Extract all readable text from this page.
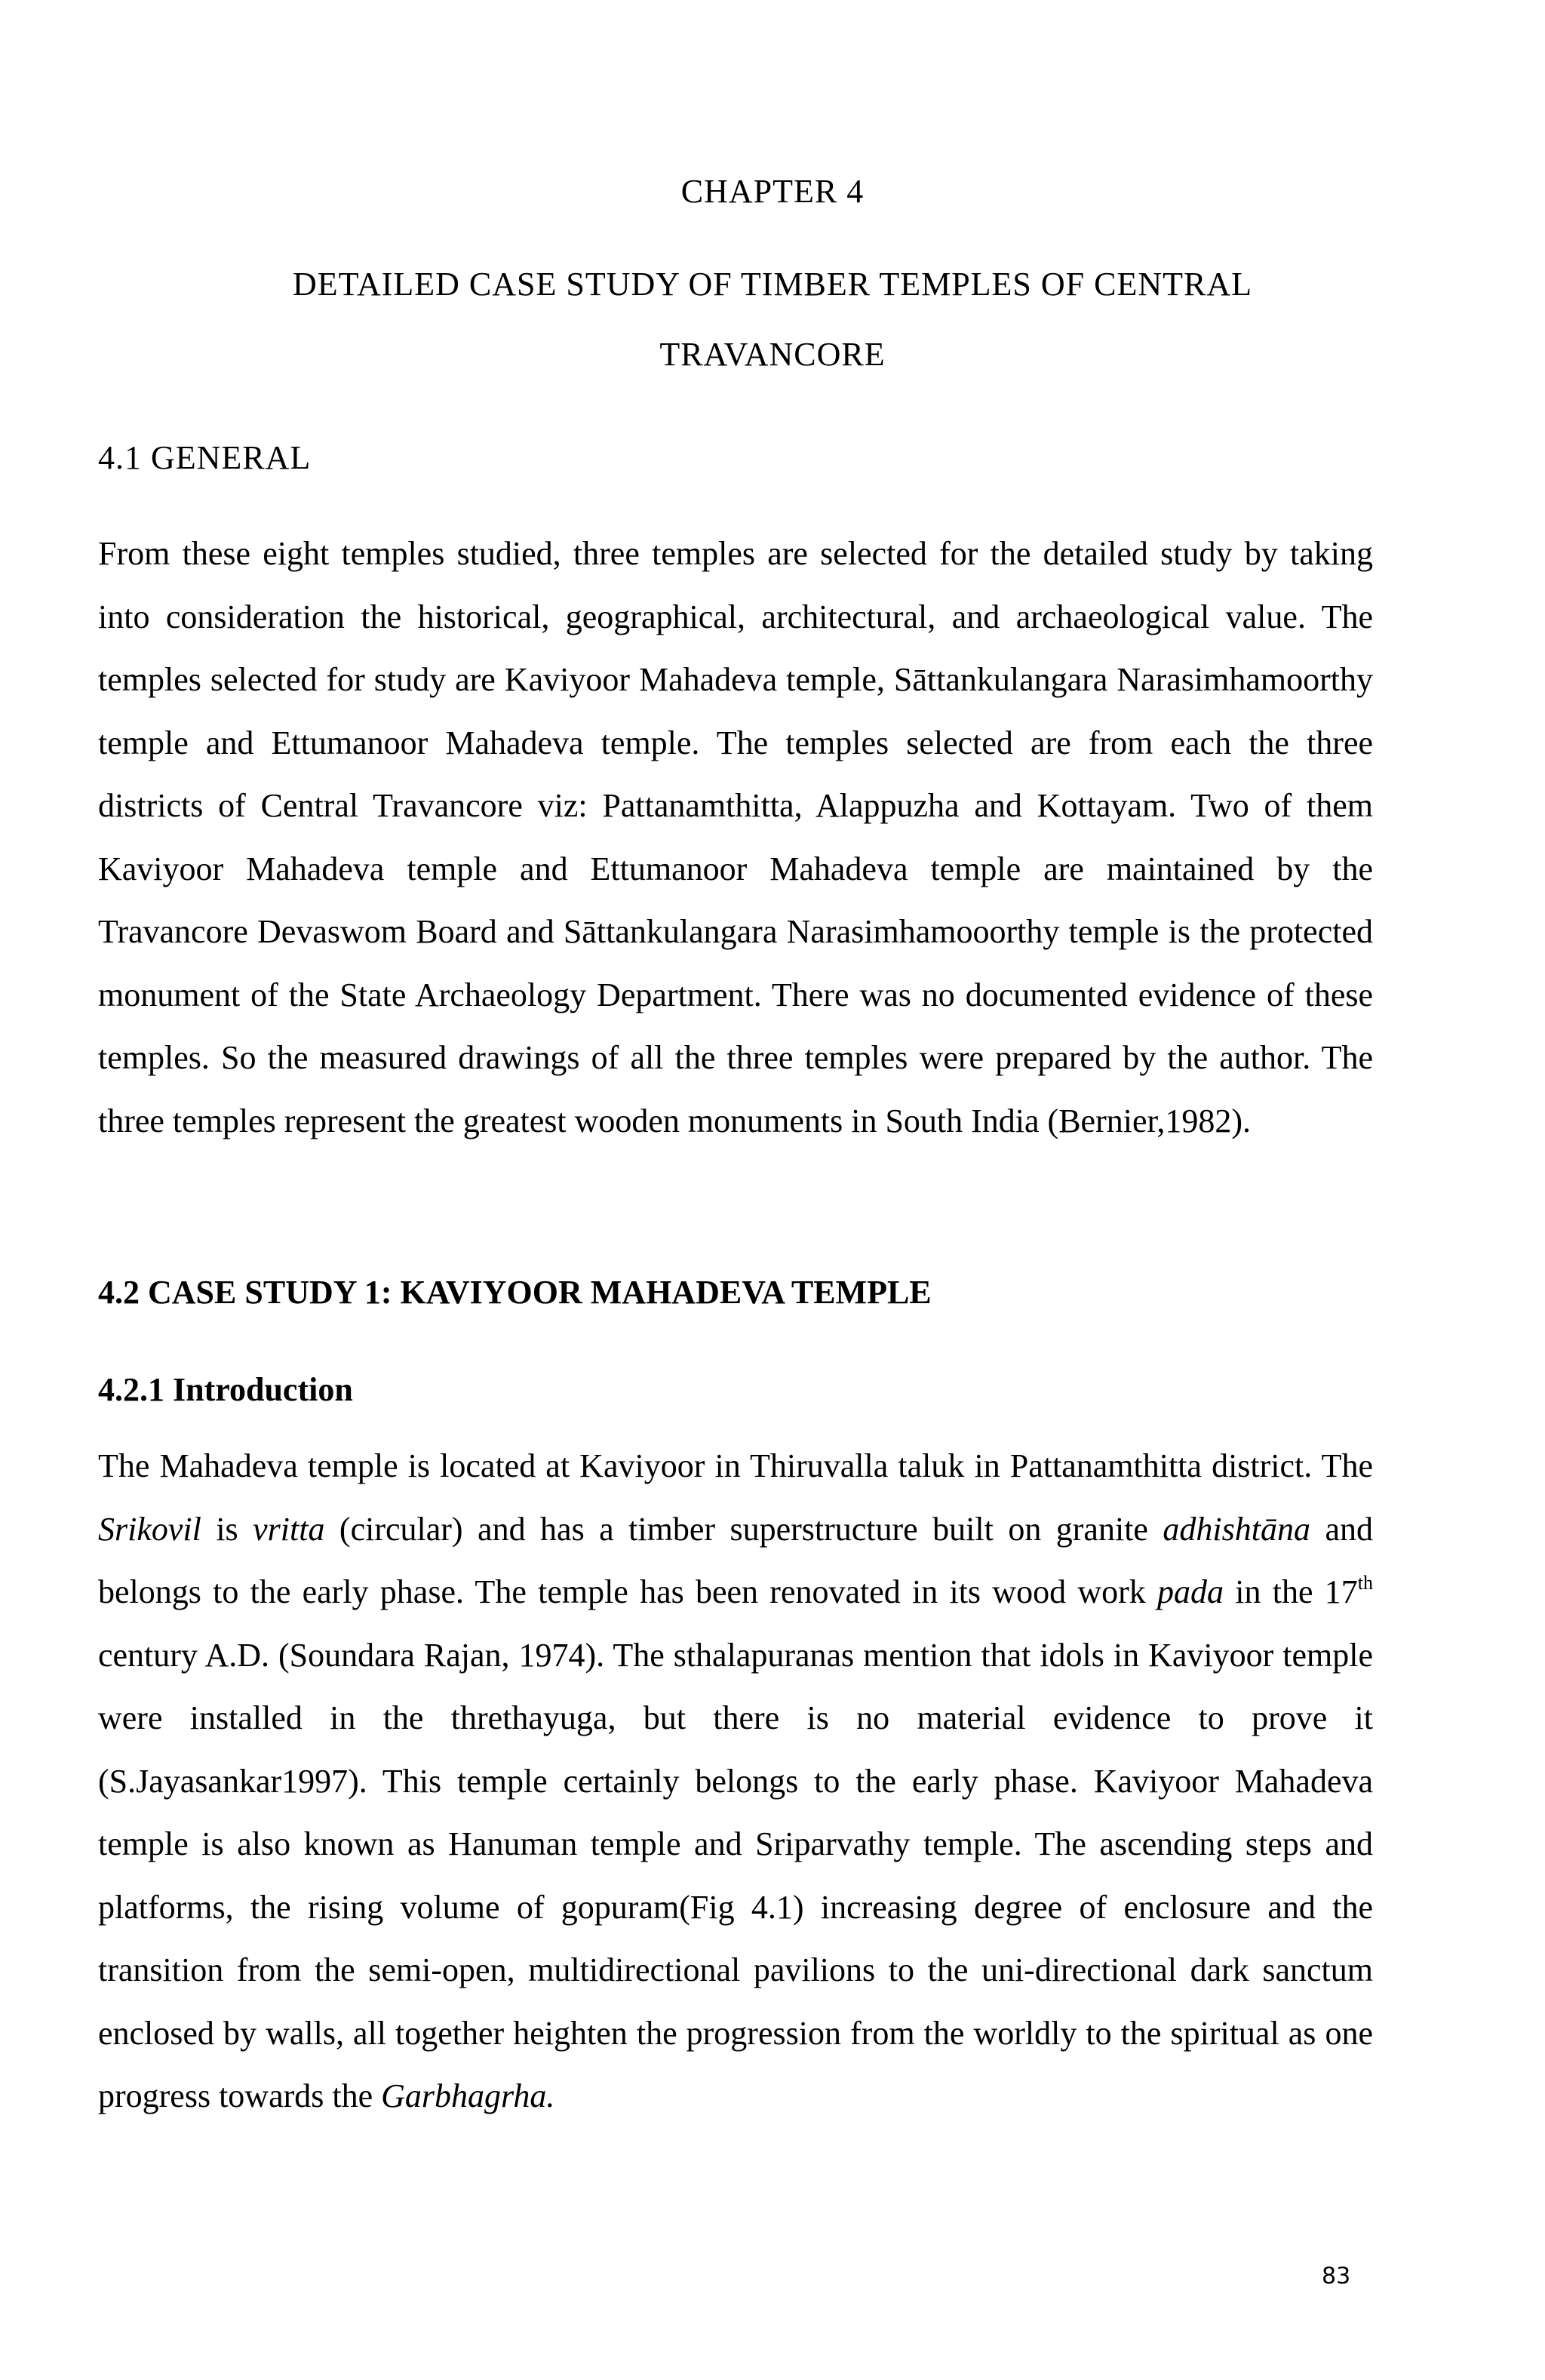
CHAPTER 4
DETAILED CASE STUDY OF TIMBER TEMPLES OF CENTRAL
TRAVANCORE
4.1 GENERAL

From these eight temples studied, three temples are selected for the detailed study by taking into consideration the historical, geographical, architectural, and archaeological value. The temples selected for study are Kaviyoor Mahadeva temple, Sāttankulangara Narasimhamoorthy temple and Ettumanoor Mahadeva temple. The temples selected are from each the three districts of Central Travancore viz: Pattanamthitta, Alappuzha and Kottayam. Two of them Kaviyoor Mahadeva temple and Ettumanoor Mahadeva temple are maintained by the Travancore Devaswom Board and Sāttankulangara Narasimhamooorthy temple is the protected monument of the State Archaeology Department. There was no documented evidence of these temples. So the measured drawings of all the three temples were prepared by the author. The three temples represent the greatest wooden monuments in South India (Bernier,1982).

4.2 CASE STUDY 1: KAVIYOOR MAHADEVA TEMPLE
4.2.1 Introduction

The Mahadeva temple is located at Kaviyoor in Thiruvalla taluk in Pattanamthitta district. The Srikovil is vritta (circular) and has a timber superstructure built on granite adhishtāna and belongs to the early phase. The temple has been renovated in its wood work pada in the 17th century A.D. (Soundara Rajan, 1974). The sthalapuranas mention that idols in Kaviyoor temple were installed in the threthayuga, but there is no material evidence to prove it (S.Jayasankar1997). This temple certainly belongs to the early phase. Kaviyoor Mahadeva temple is also known as Hanuman temple and Sriparvathy temple. The ascending steps and platforms, the rising volume of gopuram(Fig 4.1) increasing degree of enclosure and the transition from the semi-open, multidirectional pavilions to the uni-directional dark sanctum enclosed by walls, all together heighten the progression from the worldly to the spiritual as one progress towards the Garbhagrha.

83
